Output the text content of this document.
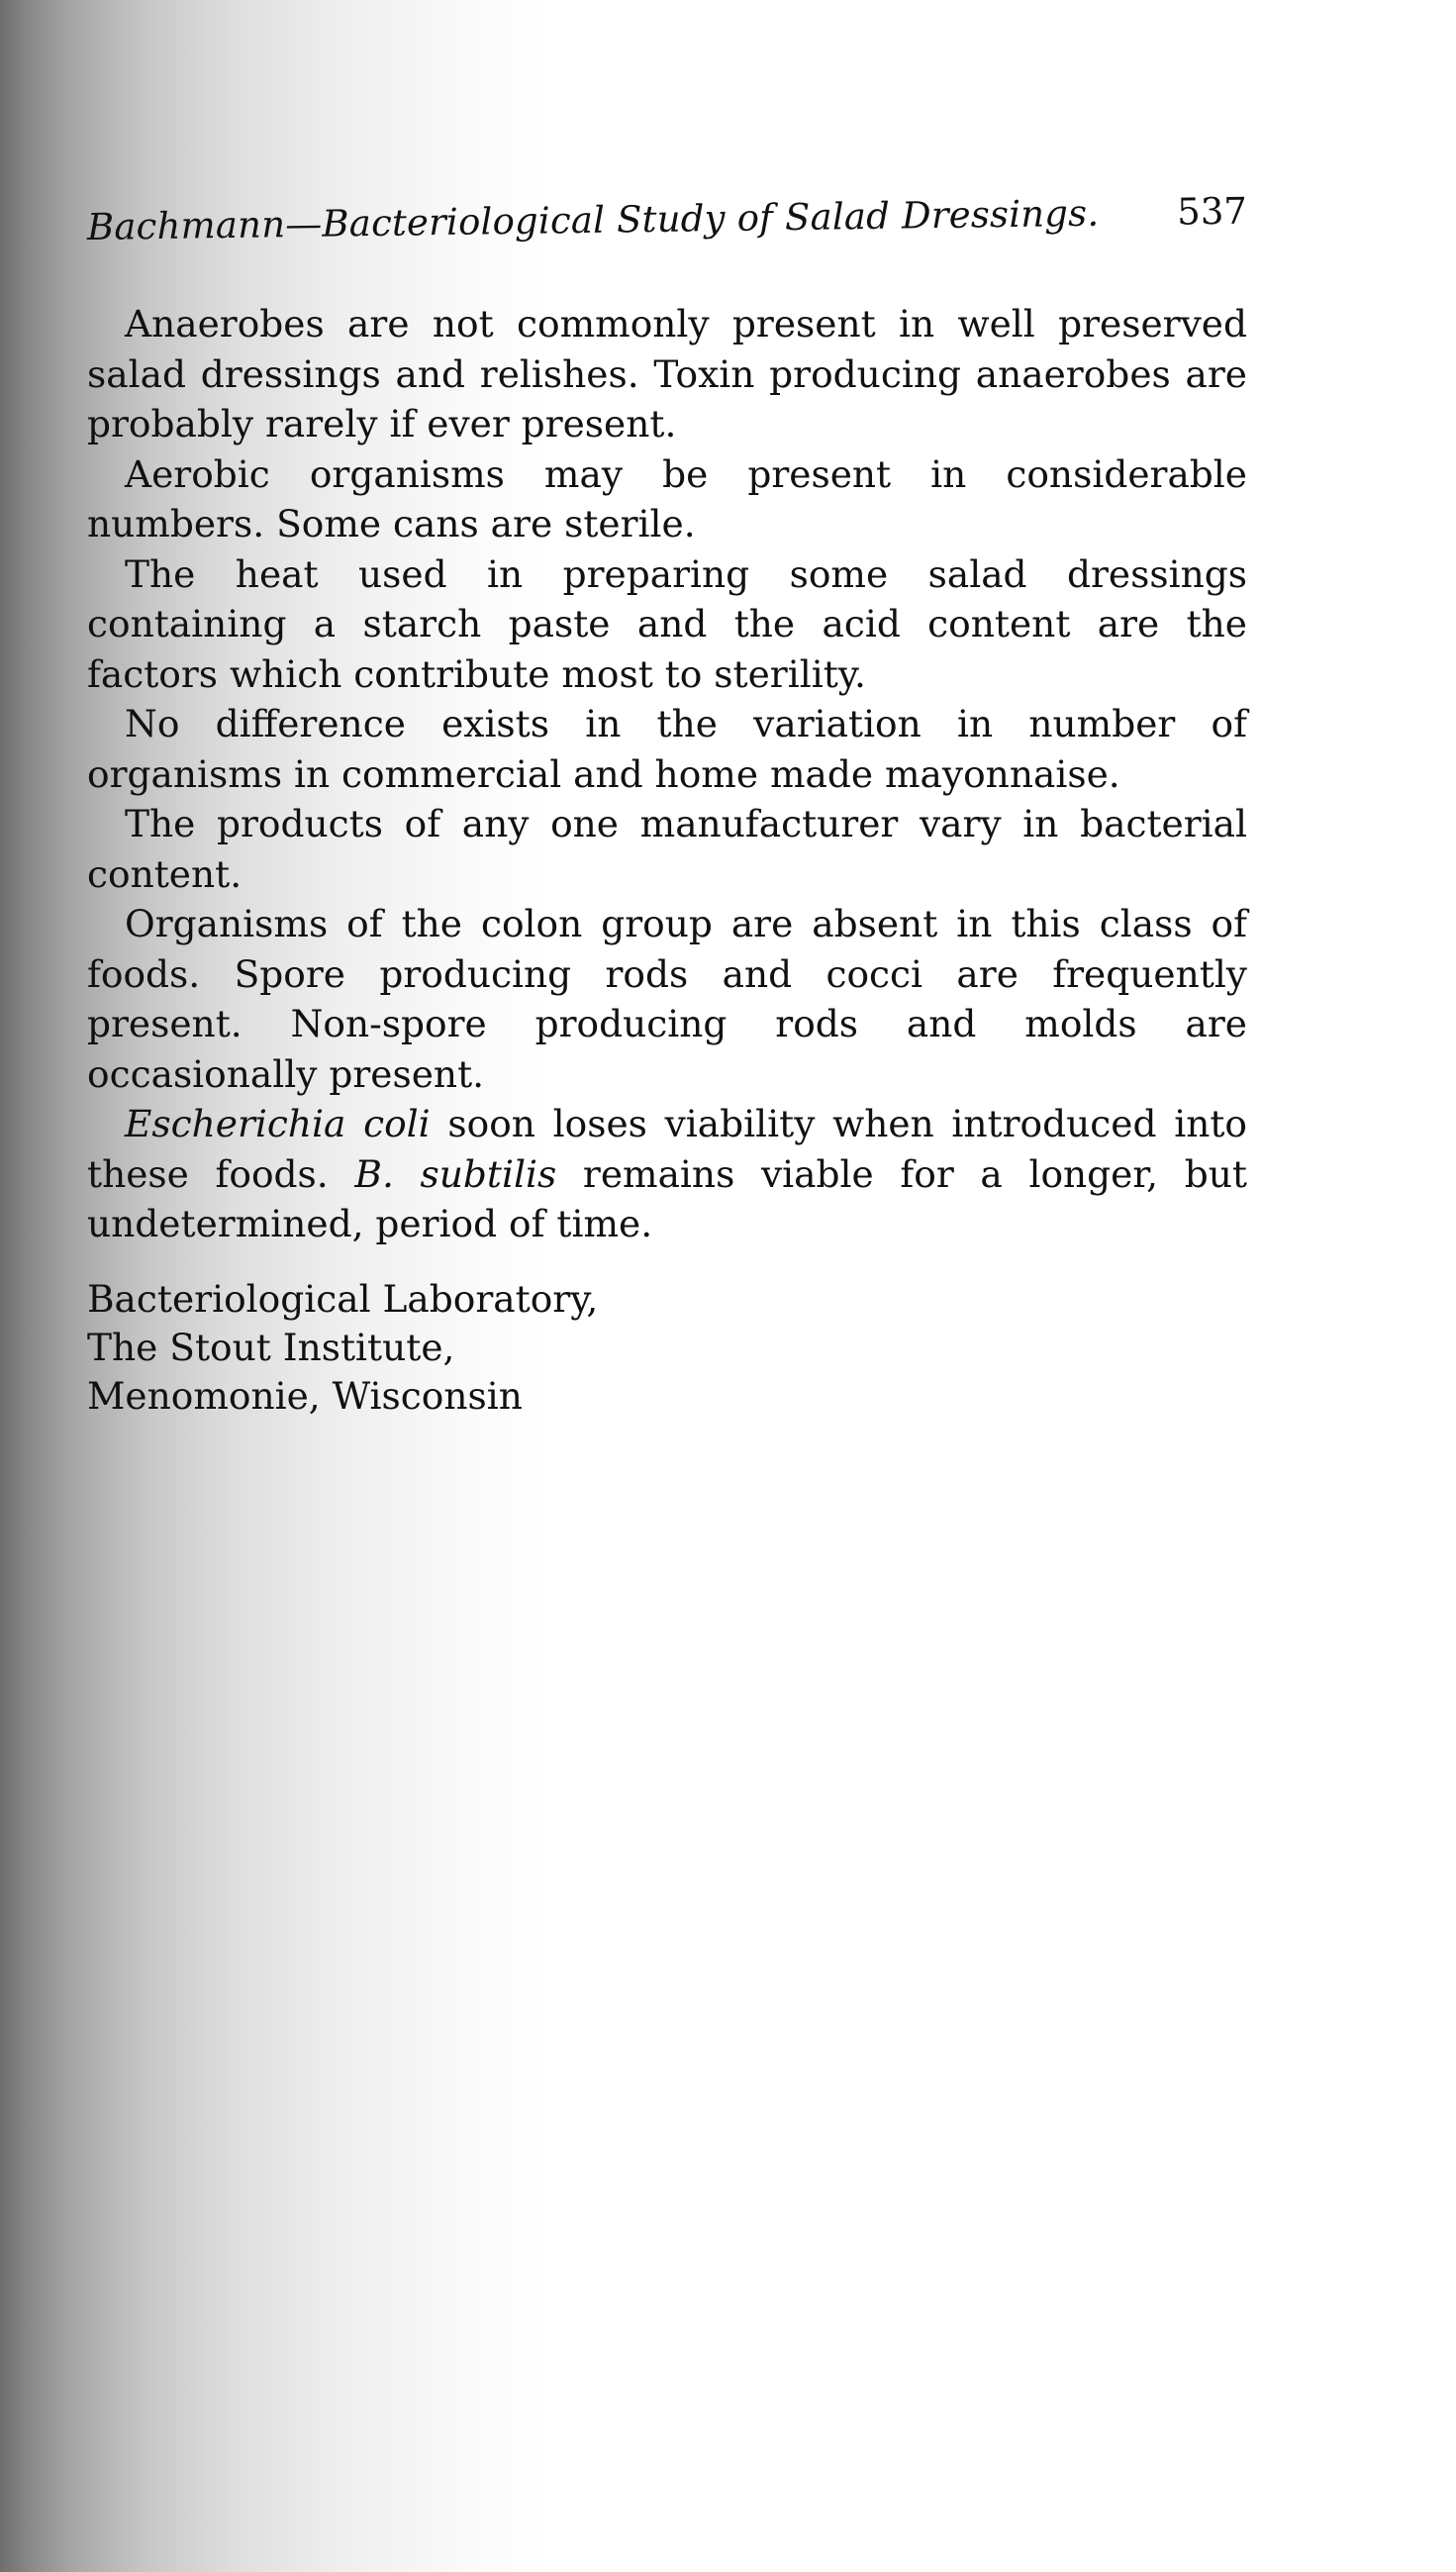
Bachmann—Bacteriological Study of Salad Dressings. 537

Anaerobes are not commonly present in well preserved salad dressings and relishes. Toxin producing anaerobes are probably rarely if ever present.

Aerobic organisms may be present in considerable numbers. Some cans are sterile.

The heat used in preparing some salad dressings containing a starch paste and the acid content are the factors which contribute most to sterility.

No difference exists in the variation in number of organisms in commercial and home made mayonnaise.

The products of any one manufacturer vary in bacterial content.

Organisms of the colon group are absent in this class of foods. Spore producing rods and cocci are frequently present. Non-spore producing rods and molds are occasionally present.

Escherichia coli soon loses viability when introduced into these foods. B. subtilis remains viable for a longer, but undetermined, period of time.

Bacteriological Laboratory,
The Stout Institute,
Menomonie, Wisconsin
